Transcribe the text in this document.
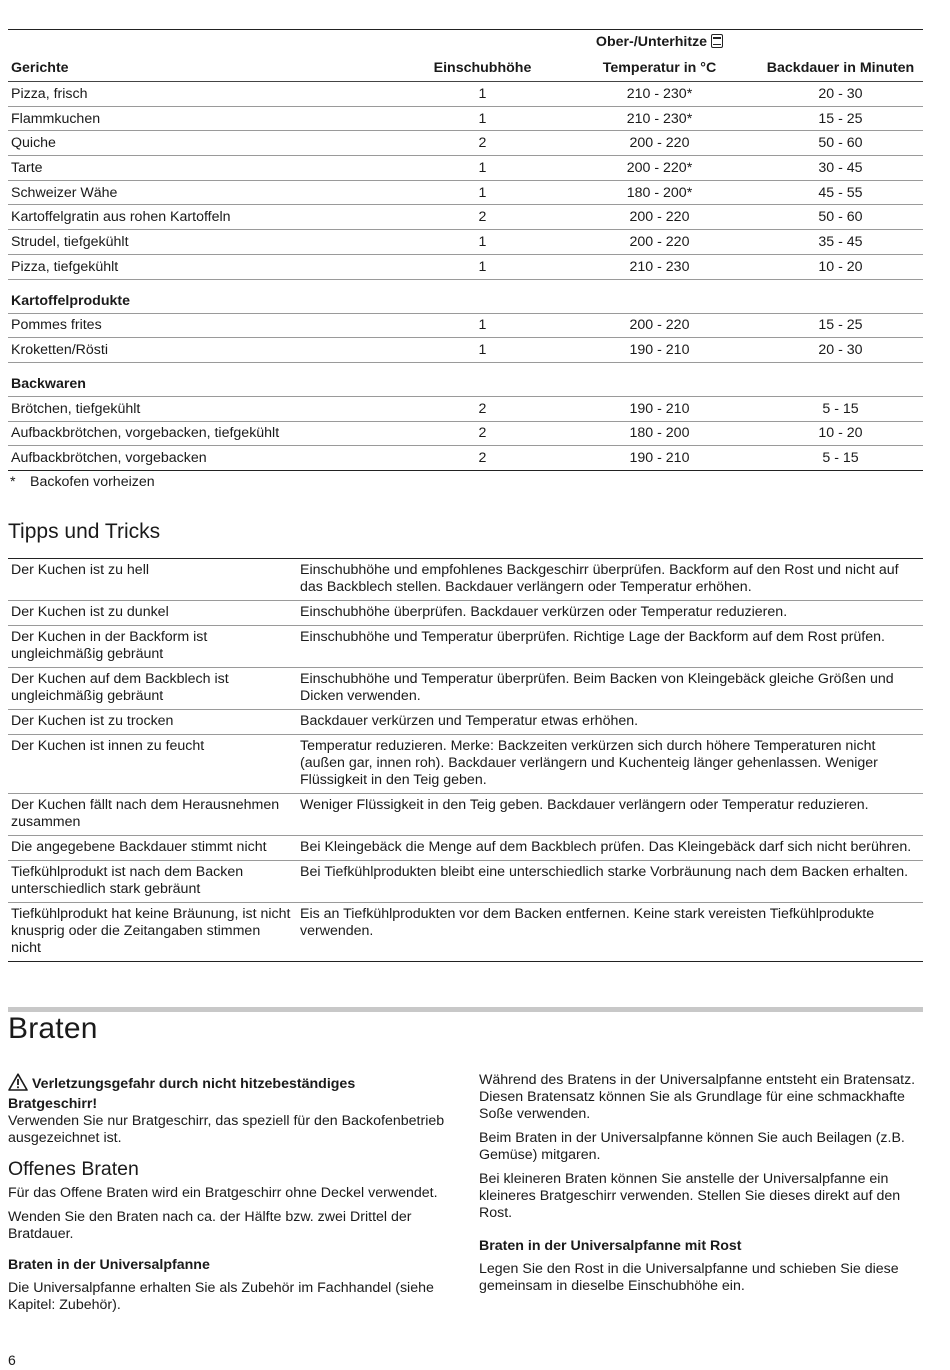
		Ober-/Unterhitze	
Gerichte	Einschubhöhe	Temperatur in °C	Backdauer in Minuten
Pizza, frisch	1	210 - 230*	20 - 30
Flammkuchen	1	210 - 230*	15 - 25
Quiche	2	200 - 220	50 - 60
Tarte	1	200 - 220*	30 - 45
Schweizer Wähe	1	180 - 200*	45 - 55
Kartoffelgratin aus rohen Kartoffeln	2	200 - 220	50 - 60
Strudel, tiefgekühlt	1	200 - 220	35 - 45
Pizza, tiefgekühlt	1	210 - 230	10 - 20
Kartoffelprodukte			
Pommes frites	1	200 - 220	15 - 25
Kroketten/Rösti	1	190 - 210	20 - 30
Backwaren			
Brötchen, tiefgekühlt	2	190 - 210	5 - 15
Aufbackbrötchen, vorgebacken, tiefgekühlt	2	180 - 200	10 - 20
Aufbackbrötchen, vorgebacken	2	190 - 210	5 - 15
* Backofen vorheizen
Tipps und Tricks
Der Kuchen ist zu hell	Einschubhöhe und empfohlenes Backgeschirr überprüfen. Backform auf den Rost und nicht auf das Backblech stellen. Backdauer verlängern oder Temperatur erhöhen.
Der Kuchen ist zu dunkel	Einschubhöhe überprüfen. Backdauer verkürzen oder Temperatur reduzieren.
Der Kuchen in der Backform ist ungleichmäßig gebräunt	Einschubhöhe und Temperatur überprüfen. Richtige Lage der Backform auf dem Rost prüfen.
Der Kuchen auf dem Backblech ist ungleichmäßig gebräunt	Einschubhöhe und Temperatur überprüfen. Beim Backen von Kleingebäck gleiche Größen und Dicken verwenden.
Der Kuchen ist zu trocken	Backdauer verkürzen und Temperatur etwas erhöhen.
Der Kuchen ist innen zu feucht	Temperatur reduzieren. Merke: Backzeiten verkürzen sich durch höhere Temperaturen nicht (außen gar, innen roh). Backdauer verlängern und Kuchenteig länger gehenlassen. Weniger Flüssigkeit in den Teig geben.
Der Kuchen fällt nach dem Herausnehmen zusammen	Weniger Flüssigkeit in den Teig geben. Backdauer verlängern oder Temperatur reduzieren.
Die angegebene Backdauer stimmt nicht	Bei Kleingebäck die Menge auf dem Backblech prüfen. Das Kleingebäck darf sich nicht berühren.
Tiefkühlprodukt ist nach dem Backen unterschiedlich stark gebräunt	Bei Tiefkühlprodukten bleibt eine unterschiedlich starke Vorbräunung nach dem Backen erhalten.
Tiefkühlprodukt hat keine Bräunung, ist nicht knusprig oder die Zeitangaben stimmen nicht	Eis an Tiefkühlprodukten vor dem Backen entfernen. Keine stark vereisten Tiefkühlprodukte verwenden.
Braten

Verletzungsgefahr durch nicht hitzebeständiges Bratgeschirr!

Verwenden Sie nur Bratgeschirr, das speziell für den Backofenbetrieb ausgezeichnet ist.

Offenes Braten

Für das Offene Braten wird ein Bratgeschirr ohne Deckel verwendet.

Wenden Sie den Braten nach ca. der Hälfte bzw. zwei Drittel der Bratdauer.

Braten in der Universalpfanne

Die Universalpfanne erhalten Sie als Zubehör im Fachhandel (siehe Kapitel: Zubehör).

Während des Bratens in der Universalpfanne entsteht ein Bratensatz. Diesen Bratensatz können Sie als Grundlage für eine schmackhafte Soße verwenden.

Beim Braten in der Universalpfanne können Sie auch Beilagen (z.B. Gemüse) mitgaren.

Bei kleineren Braten können Sie anstelle der Universalpfanne ein kleineres Bratgeschirr verwenden. Stellen Sie dieses direkt auf den Rost.

Braten in der Universalpfanne mit Rost

Legen Sie den Rost in die Universalpfanne und schieben Sie diese gemeinsam in dieselbe Einschubhöhe ein.

6
